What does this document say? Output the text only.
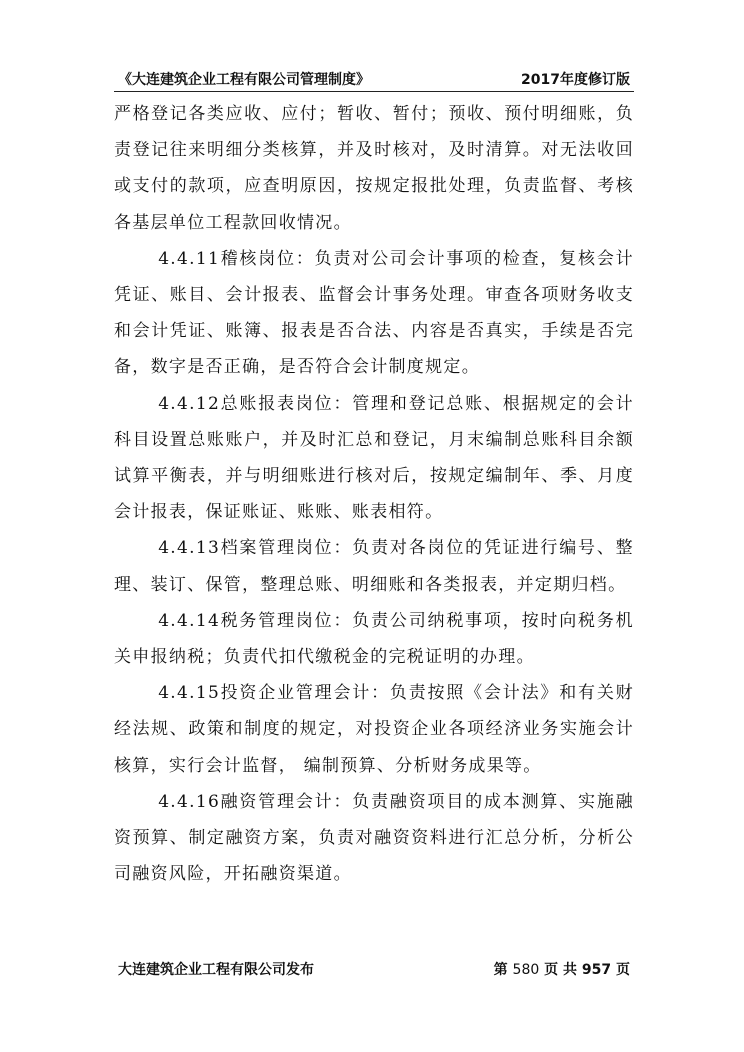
《大连建筑企业工程有限公司管理制度》	2017年度修订版

严格登记各类应收、应付；暂收、暂付；预收、预付明细账，负责登记往来明细分类核算，并及时核对，及时清算。对无法收回或支付的款项，应查明原因，按规定报批处理，负责监督、考核各基层单位工程款回收情况。

4.4.11稽核岗位：负责对公司会计事项的检查，复核会计凭证、账目、会计报表、监督会计事务处理。审查各项财务收支和会计凭证、账簿、报表是否合法、内容是否真实，手续是否完备，数字是否正确，是否符合会计制度规定。

4.4.12总账报表岗位：管理和登记总账、根据规定的会计科目设置总账账户，并及时汇总和登记，月末编制总账科目余额试算平衡表，并与明细账进行核对后，按规定编制年、季、月度会计报表，保证账证、账账、账表相符。

4.4.13档案管理岗位：负责对各岗位的凭证进行编号、整理、装订、保管，整理总账、明细账和各类报表，并定期归档。

4.4.14税务管理岗位：负责公司纳税事项，按时向税务机关申报纳税；负责代扣代缴税金的完税证明的办理。

4.4.15投资企业管理会计：负责按照《会计法》和有关财经法规、政策和制度的规定，对投资企业各项经济业务实施会计核算，实行会计监督， 编制预算、分析财务成果等。

4.4.16融资管理会计：负责融资项目的成本测算、实施融资预算、制定融资方案，负责对融资资料进行汇总分析，分析公司融资风险，开拓融资渠道。

大连建筑企业工程有限公司发布	第 580 页 共 957 页
